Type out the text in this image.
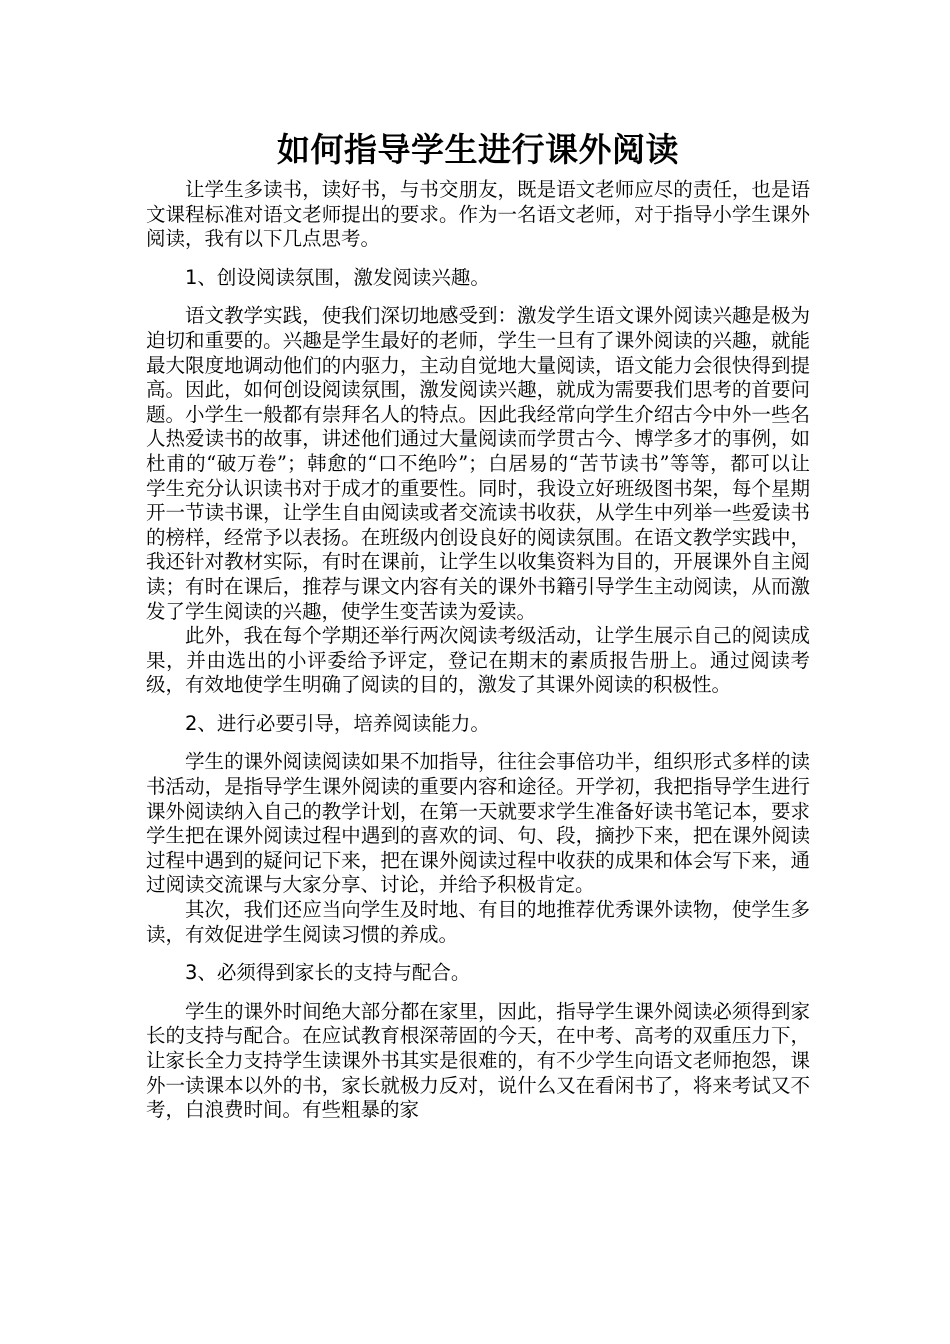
如何指导学生进行课外阅读

让学生多读书，读好书，与书交朋友，既是语文老师应尽的责任，也是语文课程标准对语文老师提出的要求。作为一名语文老师，对于指导小学生课外阅读，我有以下几点思考。

1、创设阅读氛围，激发阅读兴趣。

语文教学实践，使我们深切地感受到：激发学生语文课外阅读兴趣是极为迫切和重要的。兴趣是学生最好的老师，学生一旦有了课外阅读的兴趣，就能最大限度地调动他们的内驱力，主动自觉地大量阅读，语文能力会很快得到提高。因此，如何创设阅读氛围，激发阅读兴趣，就成为需要我们思考的首要问题。小学生一般都有崇拜名人的特点。因此我经常向学生介绍古今中外一些名人热爱读书的故事，讲述他们通过大量阅读而学贯古今、博学多才的事例，如杜甫的“破万卷”；韩愈的“口不绝吟”；白居易的“苦节读书”等等，都可以让学生充分认识读书对于成才的重要性。同时，我设立好班级图书架，每个星期开一节读书课，让学生自由阅读或者交流读书收获，从学生中列举一些爱读书的榜样，经常予以表扬。在班级内创设良好的阅读氛围。在语文教学实践中，我还针对教材实际，有时在课前，让学生以收集资料为目的，开展课外自主阅读；有时在课后，推荐与课文内容有关的课外书籍引导学生主动阅读，从而激发了学生阅读的兴趣，使学生变苦读为爱读。

此外，我在每个学期还举行两次阅读考级活动，让学生展示自己的阅读成果，并由选出的小评委给予评定，登记在期末的素质报告册上。通过阅读考级，有效地使学生明确了阅读的目的，激发了其课外阅读的积极性。

2、进行必要引导，培养阅读能力。

学生的课外阅读阅读如果不加指导，往往会事倍功半，组织形式多样的读书活动，是指导学生课外阅读的重要内容和途径。开学初，我把指导学生进行课外阅读纳入自己的教学计划，在第一天就要求学生准备好读书笔记本，要求学生把在课外阅读过程中遇到的喜欢的词、句、段，摘抄下来，把在课外阅读过程中遇到的疑问记下来，把在课外阅读过程中收获的成果和体会写下来，通过阅读交流课与大家分享、讨论，并给予积极肯定。

其次，我们还应当向学生及时地、有目的地推荐优秀课外读物，使学生多读，有效促进学生阅读习惯的养成。

3、必须得到家长的支持与配合。

学生的课外时间绝大部分都在家里，因此，指导学生课外阅读必须得到家长的支持与配合。在应试教育根深蒂固的今天，在中考、高考的双重压力下，让家长全力支持学生读课外书其实是很难的，有不少学生向语文老师抱怨，课外一读课本以外的书，家长就极力反对，说什么又在看闲书了，将来考试又不考，白浪费时间。有些粗暴的家
